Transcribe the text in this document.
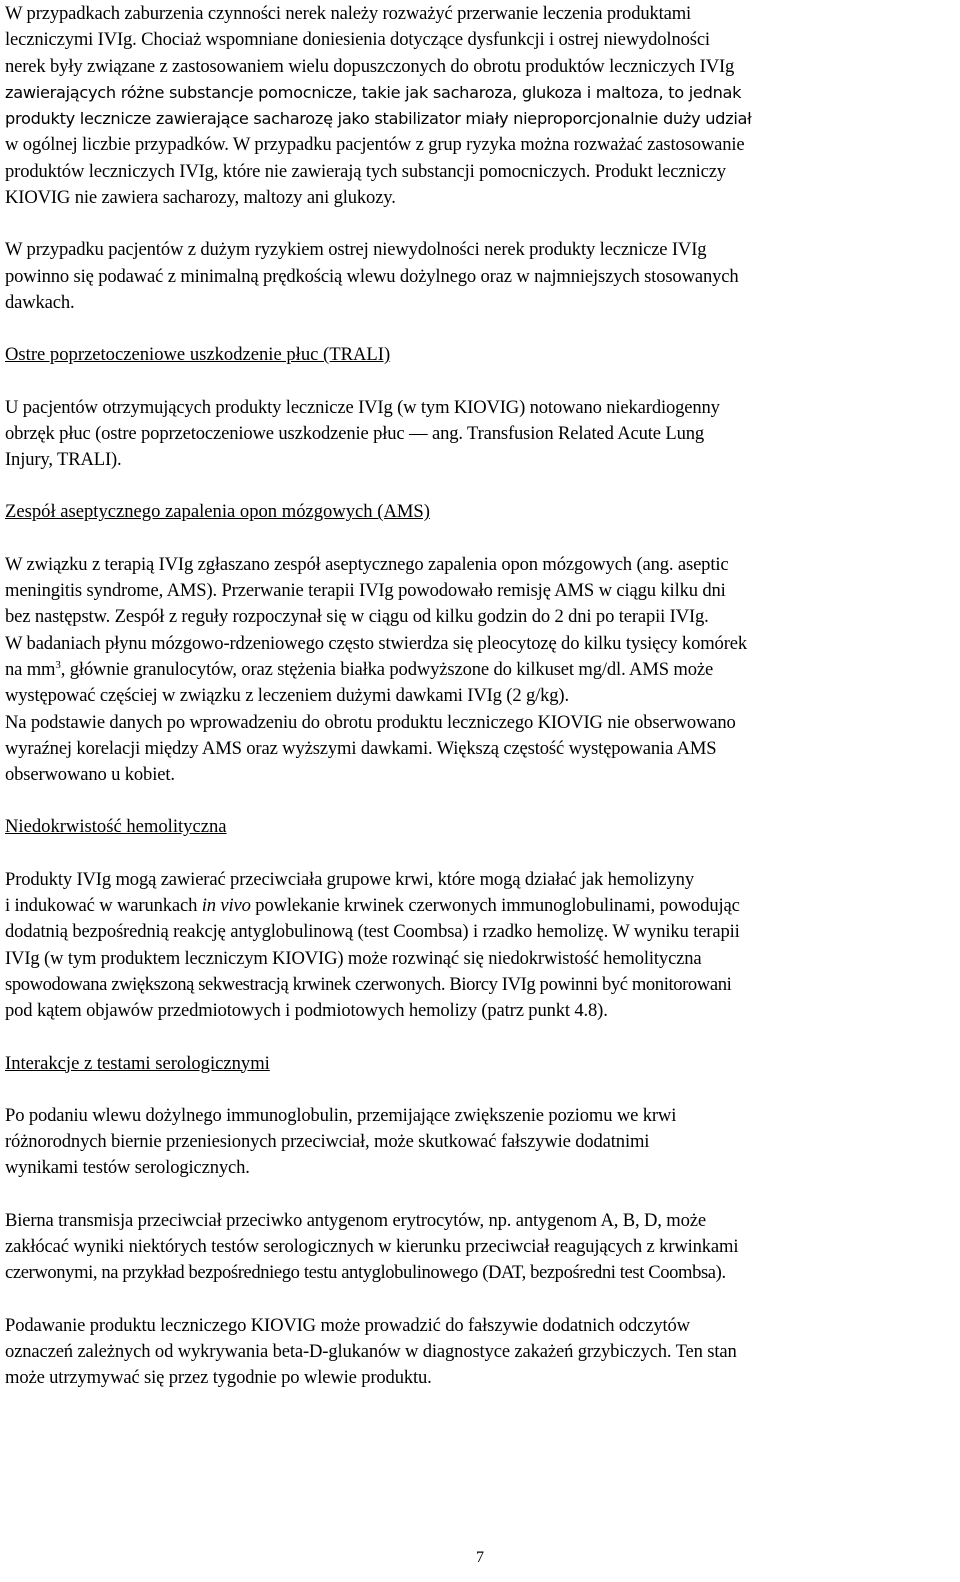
W przypadkach zaburzenia czynności nerek należy rozważyć przerwanie leczenia produktami
leczniczymi IVIg. Chociaż wspomniane doniesienia dotyczące dysfunkcji i ostrej niewydolności
nerek były związane z zastosowaniem wielu dopuszczonych do obrotu produktów leczniczych IVIg
zawierających różne substancje pomocnicze, takie jak sacharoza, glukoza i maltoza, to jednak
produkty lecznicze zawierające sacharozę jako stabilizator miały nieproporcjonalnie duży udział
w ogólnej liczbie przypadków. W przypadku pacjentów z grup ryzyka można rozważać zastosowanie
produktów leczniczych IVIg, które nie zawierają tych substancji pomocniczych. Produkt leczniczy
KIOVIG nie zawiera sacharozy, maltozy ani glukozy.
W przypadku pacjentów z dużym ryzykiem ostrej niewydolności nerek produkty lecznicze IVIg
powinno się podawać z minimalną prędkością wlewu dożylnego oraz w najmniejszych stosowanych
dawkach.
Ostre poprzetoczeniowe uszkodzenie płuc (TRALI)
U pacjentów otrzymujących produkty lecznicze IVIg (w tym KIOVIG) notowano niekardiogenny
obrzęk płuc (ostre poprzetoczeniowe uszkodzenie płuc — ang. Transfusion Related Acute Lung
Injury, TRALI).
Zespół aseptycznego zapalenia opon mózgowych (AMS)
W związku z terapią IVIg zgłaszano zespół aseptycznego zapalenia opon mózgowych (ang. aseptic
meningitis syndrome, AMS). Przerwanie terapii IVIg powodowało remisję AMS w ciągu kilku dni
bez następstw. Zespół z reguły rozpoczynał się w ciągu od kilku godzin do 2 dni po terapii IVIg.
W badaniach płynu mózgowo-rdzeniowego często stwierdza się pleocytozę do kilku tysięcy komórek
na $mm^3$, głównie granulocytów, oraz stężenia białka podwyższone do kilkuset mg/dl. AMS może
występować częściej w związku z leczeniem dużymi dawkami IVIg (2 g/kg).
Na podstawie danych po wprowadzeniu do obrotu produktu leczniczego KIOVIG nie obserwowano
wyraźnej korelacji między AMS oraz wyższymi dawkami. Większą częstość występowania AMS
obserwowano u kobiet.
Niedokrwistość hemolityczna
Produkty IVIg mogą zawierać przeciwciała grupowe krwi, które mogą działać jak hemolizyny
i indukować w warunkach in vivo powlekanie krwinek czerwonych immunoglobulinami, powodując
dodatnią bezpośrednią reakcję antyglobulinową (test Coombsa) i rzadko hemolizę. W wyniku terapii
IVIg (w tym produktem leczniczym KIOVIG) może rozwinąć się niedokrwistość hemolityczna
spowodowana zwiększoną sekwestracją krwinek czerwonych. Biorcy IVIg powinni być monitorowani
pod kątem objawów przedmiotowych i podmiotowych hemolizy (patrz punkt 4.8).
Interakcje z testami serologicznymi
Po podaniu wlewu dożylnego immunoglobulin, przemijające zwiększenie poziomu we krwi
różnorodnych biernie przeniesionych przeciwciał, może skutkować fałszywie dodatnimi
wynikami testów serologicznych.
Bierna transmisja przeciwciał przeciwko antygenom erytrocytów, np. antygenom A, B, D, może
zakłócać wyniki niektórych testów serologicznych w kierunku przeciwciał reagujących z krwinkami
czerwonymi, na przykład bezpośredniego testu antyglobulinowego (DAT, bezpośredni test Coombsa).
Podawanie produktu leczniczego KIOVIG może prowadzić do fałszywie dodatnich odczytów
oznaczeń zależnych od wykrywania beta-D-glukanów w diagnostyce zakażeń grzybiczych. Ten stan
może utrzymywać się przez tygodnie po wlewie produktu.
7
